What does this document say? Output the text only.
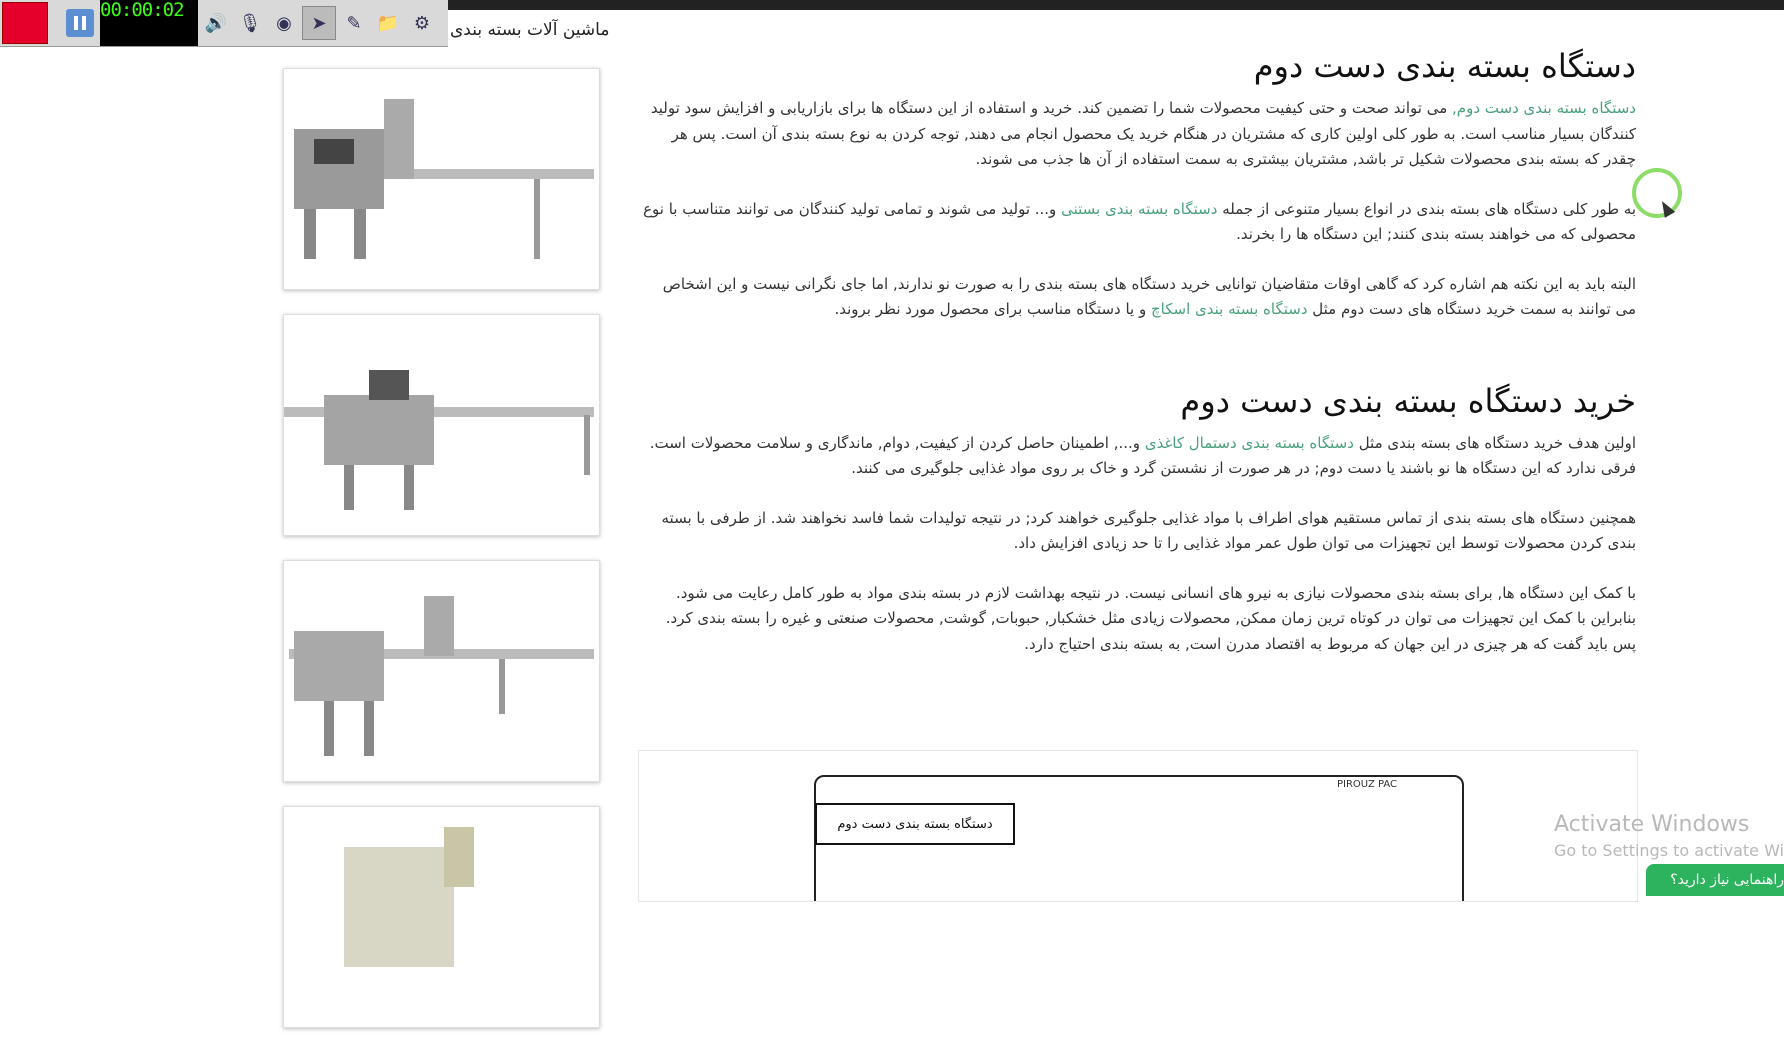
00:00:02
🔊 🎙 ◉	➤	✎ 📁 ⚙	ماشین آلات بسته بندی
دستگاه بسته بندی دست دوم

دستگاه بسته بندی دست دوم, می تواند صحت و حتی کیفیت محصولات شما را تضمین کند. خرید و استفاده از این دستگاه ها برای بازاریابی و افزایش سود تولید کنندگان بسیار مناسب است. به طور کلی اولین کاری که مشتریان در هنگام خرید یک محصول انجام می دهند, توجه کردن به نوع بسته بندی آن است. پس هر چقدر که بسته بندی محصولات شکیل تر باشد, مشتریان بیشتری به سمت استفاده از آن ها جذب می شوند.

به طور کلی دستگاه های بسته بندی در انواع بسیار متنوعی از جمله دستگاه بسته بندی بستنی و... تولید می شوند و تمامی تولید کنندگان می توانند متناسب با نوع محصولی که می خواهند بسته بندی کنند; این دستگاه ها را بخرند.

البته باید به این نکته هم اشاره کرد که گاهی اوقات متقاضیان توانایی خرید دستگاه های بسته بندی را به صورت نو ندارند, اما جای نگرانی نیست و این اشخاص می توانند به سمت خرید دستگاه های دست دوم مثل دستگاه بسته بندی اسکاچ و یا دستگاه مناسب برای محصول مورد نظر بروند.

خرید دستگاه بسته بندی دست دوم

اولین هدف خرید دستگاه های بسته بندی مثل دستگاه بسته بندی دستمال کاغذی و..., اطمینان حاصل کردن از کیفیت, دوام, ماندگاری و سلامت محصولات است. فرقی ندارد که این دستگاه ها نو باشند یا دست دوم; در هر صورت از نشستن گرد و خاک بر روی مواد غذایی جلوگیری می کنند.

همچنین دستگاه های بسته بندی از تماس مستقیم هوای اطراف با مواد غذایی جلوگیری خواهند کرد; در نتیجه تولیدات شما فاسد نخواهند شد. از طرفی با بسته بندی کردن محصولات توسط این تجهیزات می توان طول عمر مواد غذایی را تا حد زیادی افزایش داد.

با کمک این دستگاه ها, برای بسته بندی محصولات نیازی به نیرو های انسانی نیست. در نتیجه بهداشت لازم در بسته بندی مواد به طور کامل رعایت می شود. بنابراین با کمک این تجهیزات می توان در کوتاه ترین زمان ممکن, محصولات زیادی مثل خشکبار, حبوبات, گوشت, محصولات صنعتی و غیره را بسته بندی کرد. پس باید گفت که هر چیزی در این جهان که مربوط به اقتصاد مدرن است, به بسته بندی احتیاج دارد.

دستگاه بسته بندی دست دوم
PIROUZ PAC
Activate Windows
Go to Settings to activate Wi
راهنمایی نیاز دارید؟
